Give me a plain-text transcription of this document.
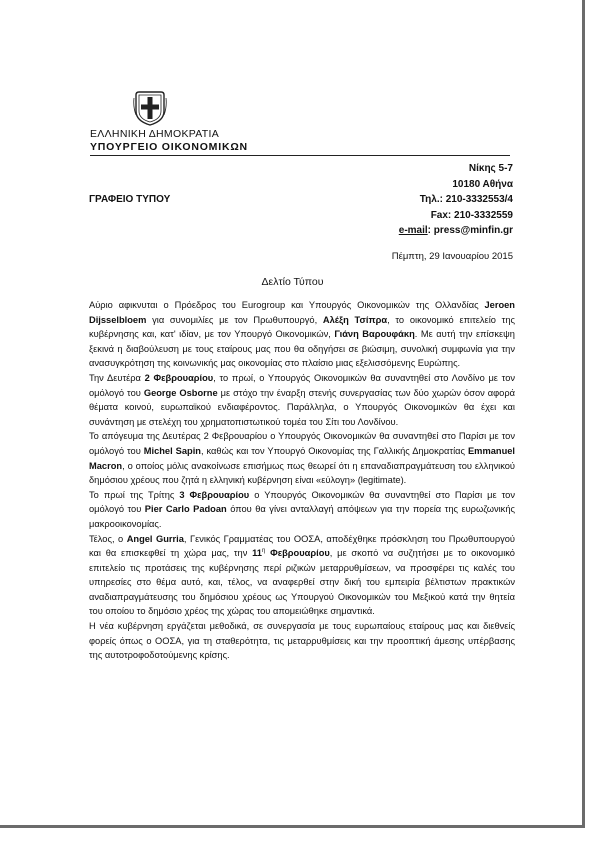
ΕΛΛΗΝΙΚΗ ΔΗΜΟΚΡΑΤΙΑ
ΥΠΟΥΡΓΕΙΟ ΟΙΚΟΝΟΜΙΚΩΝ
Νίκης 5-7
10180 Αθήνα
Τηλ.: 210-3332553/4
Fax: 210-3332559
e-mail: press@minfin.gr
ΓΡΑΦΕΙΟ ΤΥΠΟΥ
Πέμπτη, 29 Ιανουαρίου 2015
Δελτίο Τύπου

Αύριο αφικνυται ο Πρόεδρος του Eurogroup και Υπουργός Οικονομικών της Ολλανδίας Jeroen Dijsselbloem για συνομιλίες με τον Πρωθυπουργό, Αλέξη Τσίπρα, το οικονομικό επιτελείο της κυβέρνησης και, κατ' ιδίαν, με τον Υπουργό Οικονομικών, Γιάνη Βαρουφάκη. Με αυτή την επίσκεψη ξεκινά η διαβούλευση με τους εταίρους μας που θα οδηγήσει σε βιώσιμη, συνολική συμφωνία για την ανασυγκρότηση της κοινωνικής μας οικονομίας στο πλαίσιο μιας εξελισσόμενης Ευρώπης.

Την Δευτέρα 2 Φεβρουαρίου, το πρωί, ο Υπουργός Οικονομικών θα συναντηθεί στο Λονδίνο με τον ομόλογό του George Osborne με στόχο την έναρξη στενής συνεργασίας των δύο χωρών όσον αφορά θέματα κοινού, ευρωπαϊκού ενδιαφέροντος. Παράλληλα, ο Υπουργός Οικονομικών θα έχει και συνάντηση με στελέχη του χρηματοπιστωτικού τομέα του Σίτι του Λονδίνου.

Το απόγευμα της Δευτέρας 2 Φεβρουαρίου ο Υπουργός Οικονομικών θα συναντηθεί στο Παρίσι με τον ομόλογό του Michel Sapin, καθώς και τον Υπουργό Οικονομίας της Γαλλικής Δημοκρατίας Emmanuel Macron, ο οποίος μόλις ανακοίνωσε επισήμως πως θεωρεί ότι η επαναδιαπραγμάτευση του ελληνικού δημόσιου χρέους που ζητά η ελληνική κυβέρνηση είναι «εύλογη» (legitimate).

Το πρωί της Τρίτης 3 Φεβρουαρίου ο Υπουργός Οικονομικών θα συναντηθεί στο Παρίσι με τον ομόλογό του Pier Carlo Padoan όπου θα γίνει ανταλλαγή απόψεων για την πορεία της ευρωζωνικής μακροοικονομίας.

Τέλος, ο Angel Gurria, Γενικός Γραμματέας του ΟΟΣΑ, αποδέχθηκε πρόσκληση του Πρωθυπουργού και θα επισκεφθεί τη χώρα μας, την $11^\eta$ Φεβρουαρίου, με σκοπό να συζητήσει με το οικονομικό επιτελείο τις προτάσεις της κυβέρνησης περί ριζικών μεταρρυθμίσεων, να προσφέρει τις καλές του υπηρεσίες στο θέμα αυτό, και, τέλος, να αναφερθεί στην δική του εμπειρία βέλτιστων πρακτικών αναδιαπραγμάτευσης του δημόσιου χρέους ως Υπουργού Οικονομικών του Μεξικού κατά την θητεία του οποίου το δημόσιο χρέος της χώρας του απομειώθηκε σημαντικά.

Η νέα κυβέρνηση εργάζεται μεθοδικά, σε συνεργασία με τους ευρωπαίους εταίρους μας και διεθνείς φορείς όπως ο ΟΟΣΑ, για τη σταθερότητα, τις μεταρρυθμίσεις και την προοπτική άμεσης υπέρβασης της αυτοτροφοδοτούμενης κρίσης.
